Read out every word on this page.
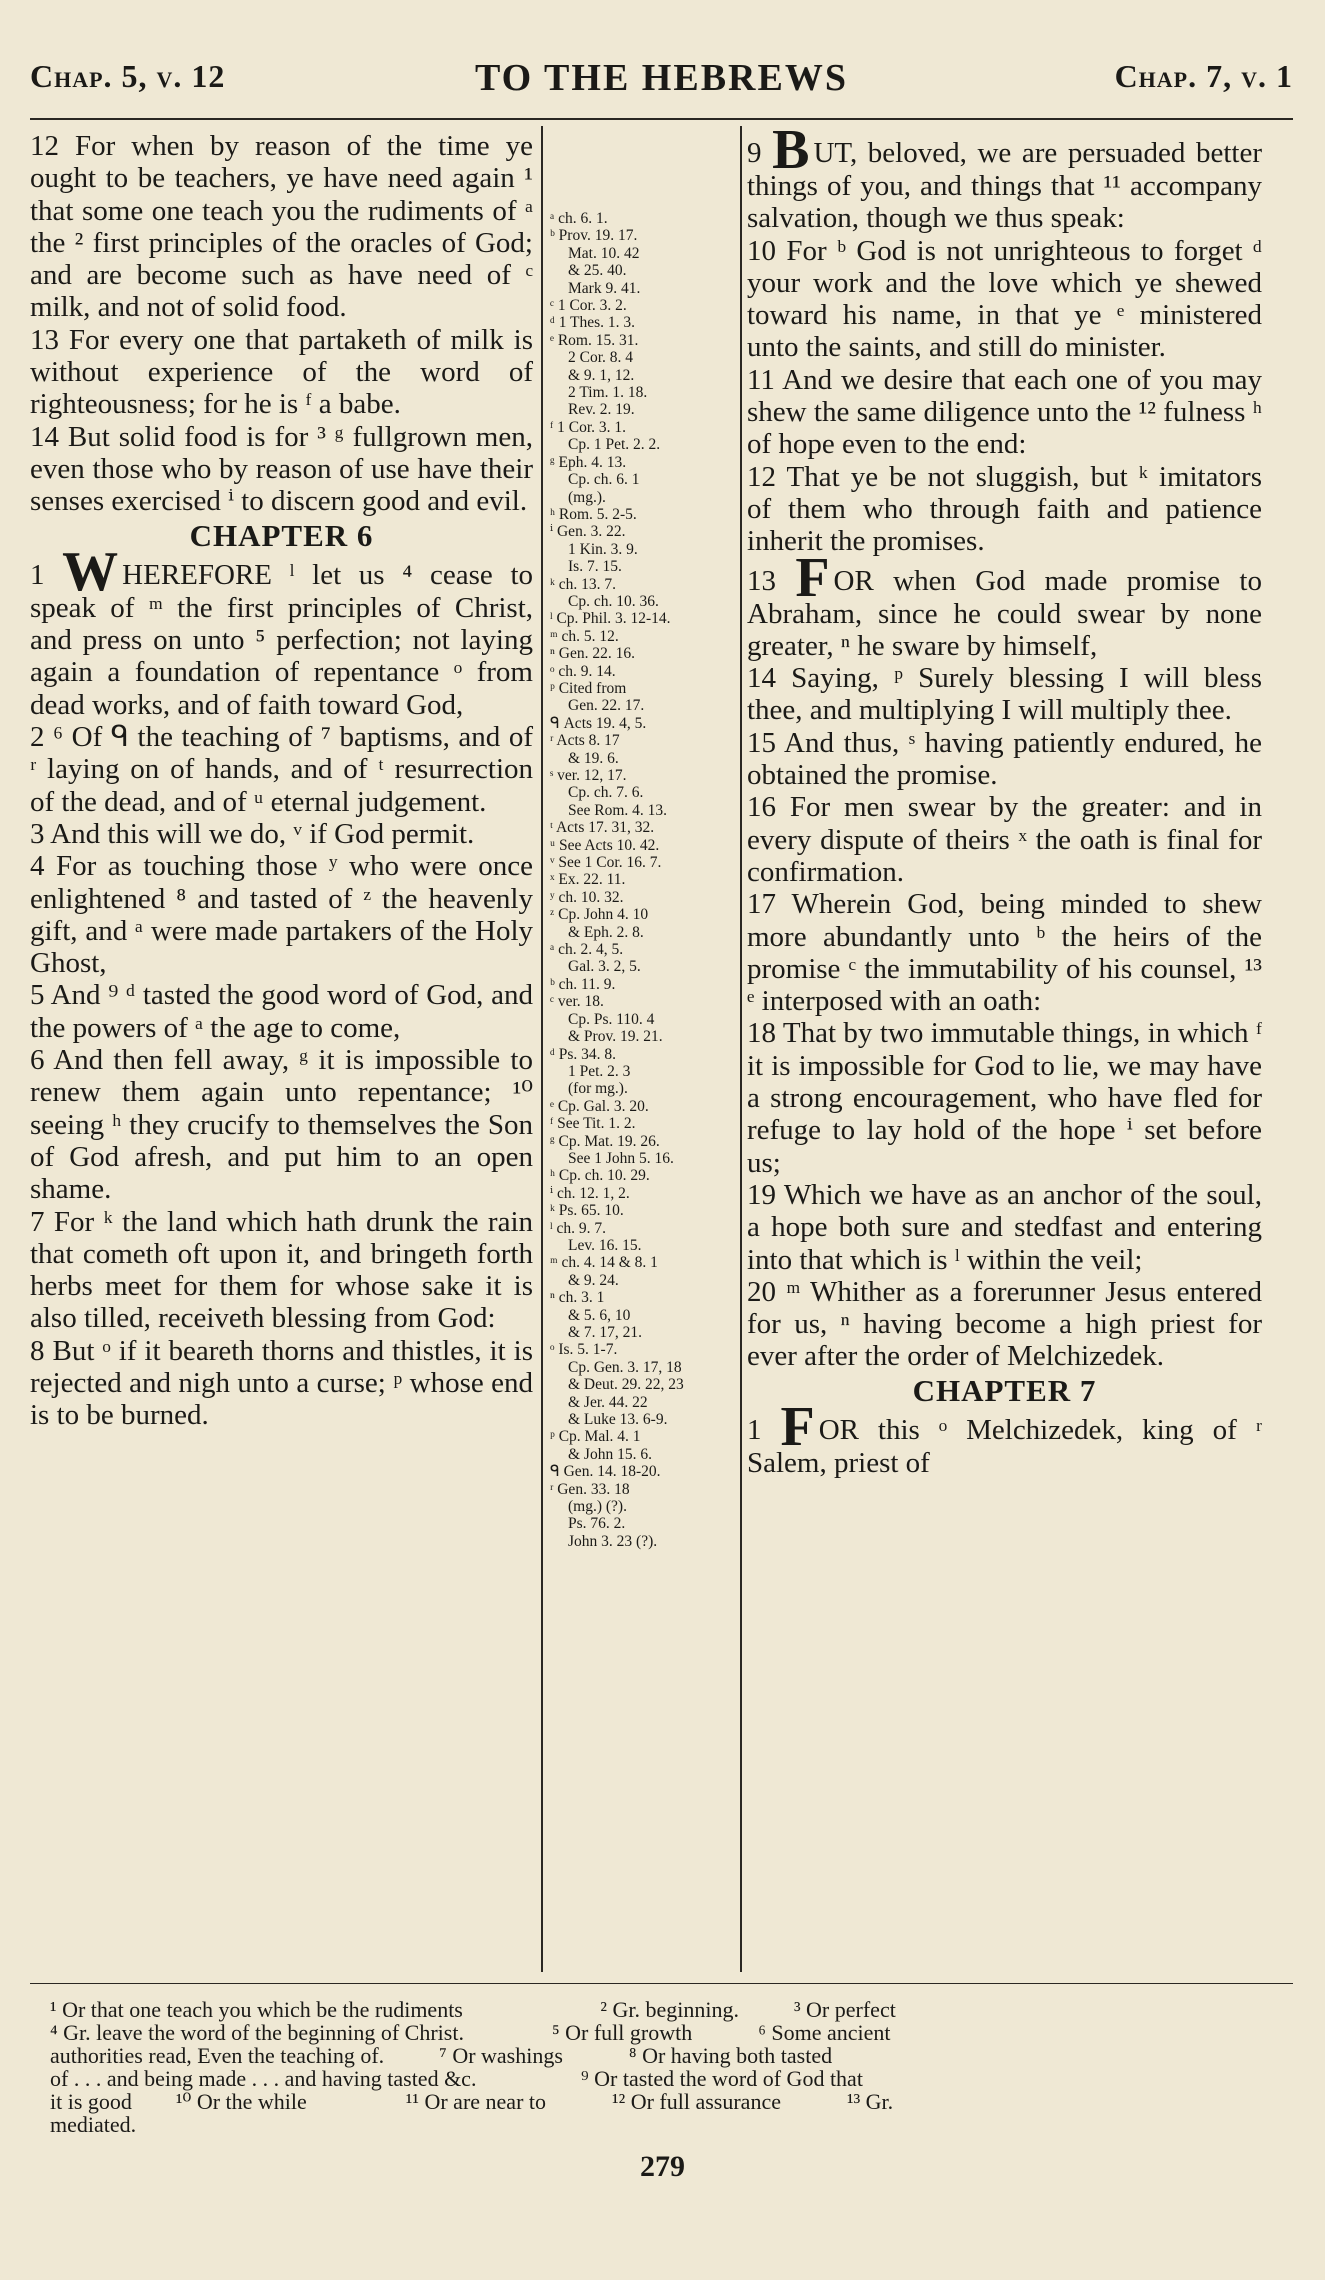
Chap. 5, v. 12	TO THE HEBREWS	Chap. 7, v. 1

12 For when by reason of the time ye ought to be teachers, ye have need again ¹ that some one teach you the rudiments of ᵃ the ² first principles of the oracles of God; and are become such as have need of ᶜ milk, and not of solid food.

13 For every one that partaketh of milk is without experience of the word of righteousness; for he is ᶠ a babe.

14 But solid food is for ³ ᵍ fullgrown men, even those who by reason of use have their senses exercised ⁱ to discern good and evil.

CHAPTER 6

1 W HEREFORE ˡ let us ⁴ cease to speak of ᵐ the first principles of Christ, and press on unto ⁵ perfection; not laying again a foundation of repentance ᵒ from dead works, and of faith toward God,

2 ⁶ Of ᑫ the teaching of ⁷ baptisms, and of ʳ laying on of hands, and of ᵗ resurrection of the dead, and of ᵘ eternal judgement.

3 And this will we do, ᵛ if God permit.

4 For as touching those ʸ who were once enlightened ⁸ and tasted of ᶻ the heavenly gift, and ᵃ were made partakers of the Holy Ghost,

5 And ⁹ ᵈ tasted the good word of God, and the powers of ᵃ the age to come,

6 And then fell away, ᵍ it is impossible to renew them again unto repentance; ¹⁰ seeing ʰ they crucify to themselves the Son of God afresh, and put him to an open shame.

7 For ᵏ the land which hath drunk the rain that cometh oft upon it, and bringeth forth herbs meet for them for whose sake it is also tilled, receiveth blessing from God:

8 But ᵒ if it beareth thorns and thistles, it is rejected and nigh unto a curse; ᵖ whose end is to be burned.

ᵃ ch. 6. 1.
ᵇ Prov. 19. 17.
Mat. 10. 42
& 25. 40.
Mark 9. 41.
ᶜ 1 Cor. 3. 2.
ᵈ 1 Thes. 1. 3.
ᵉ Rom. 15. 31.
2 Cor. 8. 4
& 9. 1, 12.
2 Tim. 1. 18.
Rev. 2. 19.
ᶠ 1 Cor. 3. 1.
Cp. 1 Pet. 2. 2.
ᵍ Eph. 4. 13.
Cp. ch. 6. 1
(mg.).
ʰ Rom. 5. 2-5.
ⁱ Gen. 3. 22.
1 Kin. 3. 9.
Is. 7. 15.
ᵏ ch. 13. 7.
Cp. ch. 10. 36.
ˡ Cp. Phil. 3. 12-14.
ᵐ ch. 5. 12.
ⁿ Gen. 22. 16.
ᵒ ch. 9. 14.
ᵖ Cited from
Gen. 22. 17.
ᑫ Acts 19. 4, 5.
ʳ Acts 8. 17
& 19. 6.
ˢ ver. 12, 17.
Cp. ch. 7. 6.
See Rom. 4. 13.
ᵗ Acts 17. 31, 32.
ᵘ See Acts 10. 42.
ᵛ See 1 Cor. 16. 7.
ˣ Ex. 22. 11.
ʸ ch. 10. 32.
ᶻ Cp. John 4. 10
& Eph. 2. 8.
ᵃ ch. 2. 4, 5.
Gal. 3. 2, 5.
ᵇ ch. 11. 9.
ᶜ ver. 18.
Cp. Ps. 110. 4
& Prov. 19. 21.
ᵈ Ps. 34. 8.
1 Pet. 2. 3
(for mg.).
ᵉ Cp. Gal. 3. 20.
ᶠ See Tit. 1. 2.
ᵍ Cp. Mat. 19. 26.
See 1 John 5. 16.
ʰ Cp. ch. 10. 29.
ⁱ ch. 12. 1, 2.
ᵏ Ps. 65. 10.
ˡ ch. 9. 7.
Lev. 16. 15.
ᵐ ch. 4. 14 & 8. 1
& 9. 24.
ⁿ ch. 3. 1
& 5. 6, 10
& 7. 17, 21.
ᵒ Is. 5. 1-7.
Cp. Gen. 3. 17, 18
& Deut. 29. 22, 23
& Jer. 44. 22
& Luke 13. 6-9.
ᵖ Cp. Mal. 4. 1
& John 15. 6.
ᑫ Gen. 14. 18-20.
ʳ Gen. 33. 18
(mg.) (?).
Ps. 76. 2.
John 3. 23 (?).

9 B UT, beloved, we are persuaded better things of you, and things that ¹¹ accompany salvation, though we thus speak:

10 For ᵇ God is not unrighteous to forget ᵈ your work and the love which ye shewed toward his name, in that ye ᵉ ministered unto the saints, and still do minister.

11 And we desire that each one of you may shew the same diligence unto the ¹² fulness ʰ of hope even to the end:

12 That ye be not sluggish, but ᵏ imitators of them who through faith and patience inherit the promises.

13 F OR when God made promise to Abraham, since he could swear by none greater, ⁿ he sware by himself,

14 Saying, ᵖ Surely blessing I will bless thee, and multiplying I will multiply thee.

15 And thus, ˢ having patiently endured, he obtained the promise.

16 For men swear by the greater: and in every dispute of theirs ˣ the oath is final for confirmation.

17 Wherein God, being minded to shew more abundantly unto ᵇ the heirs of the promise ᶜ the immutability of his counsel, ¹³ ᵉ interposed with an oath:

18 That by two immutable things, in which ᶠ it is impossible for God to lie, we may have a strong encouragement, who have fled for refuge to lay hold of the hope ⁱ set before us;

19 Which we have as an anchor of the soul, a hope both sure and stedfast and entering into that which is ˡ within the veil;

20 ᵐ Whither as a forerunner Jesus entered for us, ⁿ having become a high priest for ever after the order of Melchizedek.

CHAPTER 7

1 F OR this ᵒ Melchizedek, king of ʳ Salem, priest of

¹ Or that one teach you which be the rudiments                         ² Gr. beginning.          ³ Or perfect
⁴ Gr. leave the word of the beginning of Christ.                ⁵ Or full growth            ⁶ Some ancient
authorities read, Even the teaching of.          ⁷ Or washings            ⁸ Or having both tasted
of . . . and being made . . . and having tasted &c.                   ⁹ Or tasted the word of God that
it is good        ¹⁰ Or the while                  ¹¹ Or are near to            ¹² Or full assurance            ¹³ Gr.
mediated.
279
